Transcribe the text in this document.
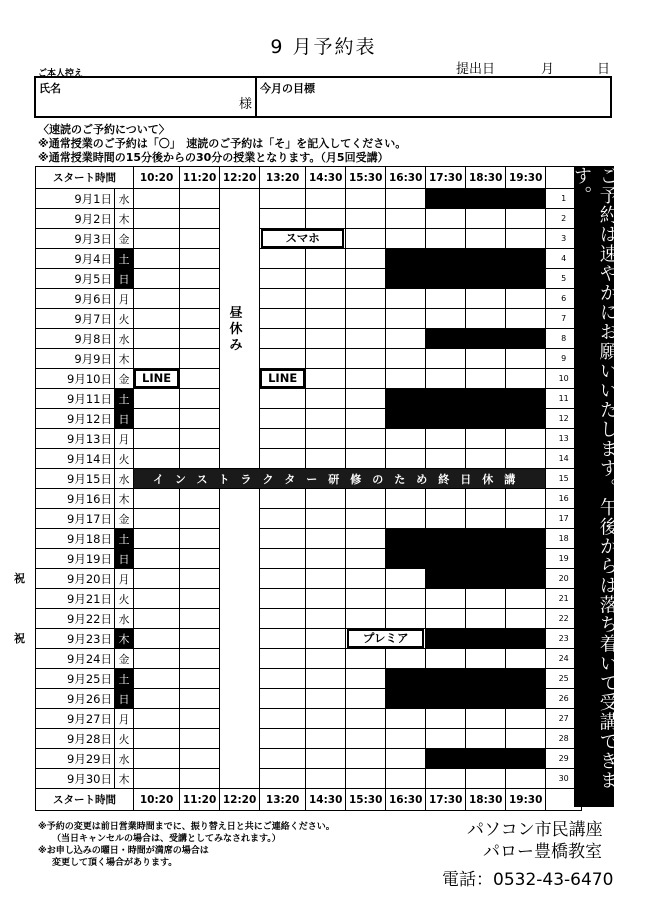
9 月予約表
提出日	月	日
ご本人控え
氏名
様
今月の目標
〈速読のご予約について〉
※通常授業のご予約は「〇」　速読のご予約は「そ」を記入してください。
※通常授業時間の15分後からの30分の授業となります。（月5回受講）
スタート時間		10:20	11:20	12:20	13:20	14:30	15:30	16:30	17:30	18:30	19:30	
9月1日	水											1
9月2日	木											2
9月3日	金				スマホ							3
9月4日	土											4
9月5日	日											5
9月6日	月											6
9月7日	火											7
9月8日	水											8
9月9日	木											9
9月10日	金	LINE			LINE							10
9月11日	土											11
9月12日	日											12
9月13日	月											13
9月14日	火											14
9月15日	水	インストラクター研修のため終日休講										15
9月16日	木											16
9月17日	金											17
9月18日	土											18
9月19日	日											19
9月20日	月											20
9月21日	火											21
9月22日	水											22
9月23日	木						プレミア					23
9月24日	金											24
9月25日	土											25
9月26日	日											26
9月27日	月											27
9月28日	火											28
9月29日	水											29
9月30日	木											30
スタート時間		10:20	11:20	12:20	13:20	14:30	15:30	16:30	17:30	18:30	19:30	
昼休み	ご予約は速やかにお願いいたします。午後からは落ち着いて受講できます。
祝
祝
※予約の変更は前日営業時間までに、振り替え日と共にご連絡ください。
（当日キャンセルの場合は、受講としてみなされます。）
※お申し込みの曜日・時間が満席の場合は
変更して頂く場合があります。
パソコン市民講座
パロー豊橋教室
電話：0532-43-6470
